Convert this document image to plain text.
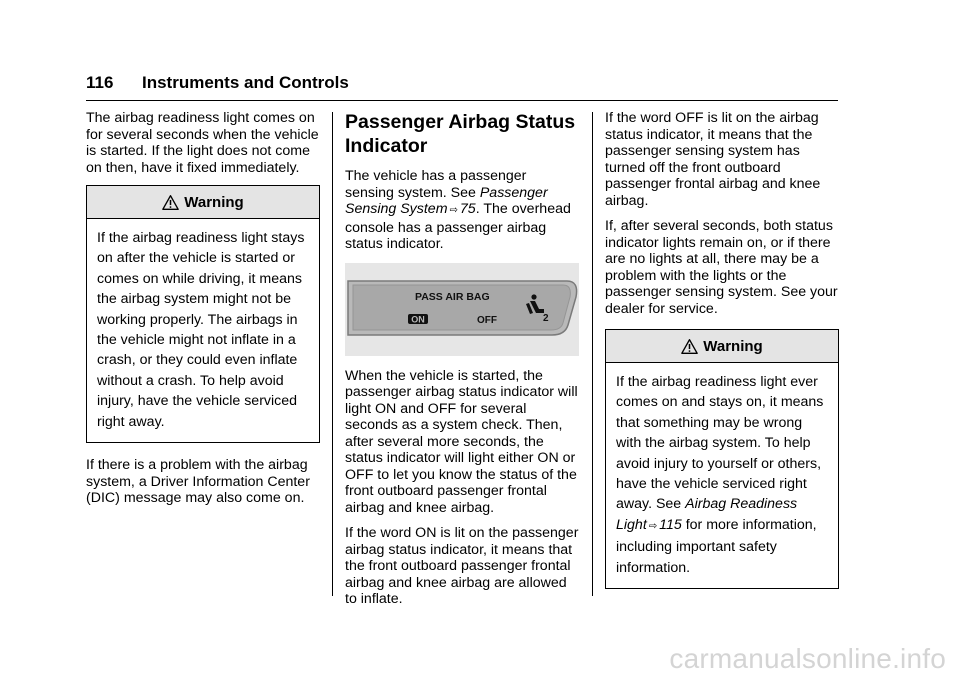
116 Instruments and Controls

The airbag readiness light comes on for several seconds when the vehicle is started. If the light does not come on then, have it fixed immediately.

Warning
If the airbag readiness light stays on after the vehicle is started or comes on while driving, it means the airbag system might not be working properly. The airbags in the vehicle might not inflate in a crash, or they could even inflate without a crash. To help avoid injury, have the vehicle serviced right away.

If there is a problem with the airbag system, a Driver Information Center (DIC) message may also come on.

Passenger Airbag Status Indicator

The vehicle has a passenger sensing system. See Passenger Sensing System ⇨ 75. The overhead console has a passenger airbag status indicator.

PASS AIR BAG
ON	OFF	2

When the vehicle is started, the passenger airbag status indicator will light ON and OFF for several seconds as a system check. Then, after several more seconds, the status indicator will light either ON or OFF to let you know the status of the front outboard passenger frontal airbag and knee airbag.

If the word ON is lit on the passenger airbag status indicator, it means that the front outboard passenger frontal airbag and knee airbag are allowed to inflate.

If the word OFF is lit on the airbag status indicator, it means that the passenger sensing system has turned off the front outboard passenger frontal airbag and knee airbag.

If, after several seconds, both status indicator lights remain on, or if there are no lights at all, there may be a problem with the lights or the passenger sensing system. See your dealer for service.

Warning
If the airbag readiness light ever comes on and stays on, it means that something may be wrong with the airbag system. To help avoid injury to yourself or others, have the vehicle serviced right away. See Airbag Readiness Light ⇨ 115 for more information, including important safety information.
carmanualsonline.info
